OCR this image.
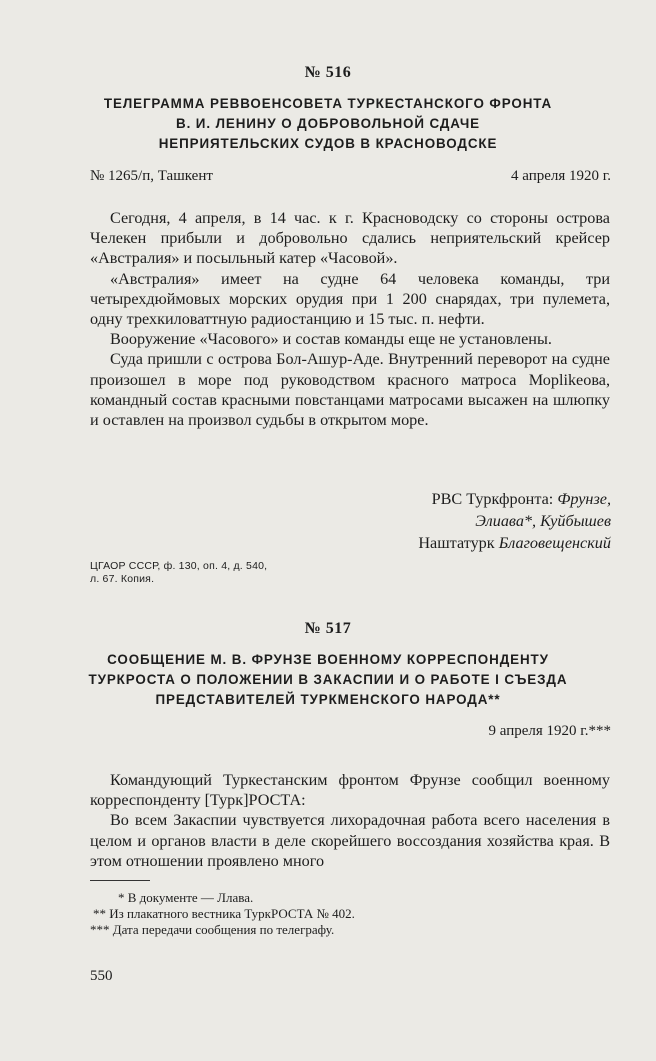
№ 516
ТЕЛЕГРАММА РЕВВОЕНСОВЕТА ТУРКЕСТАНСКОГО ФРОНТА
В. И. ЛЕНИНУ О ДОБРОВОЛЬНОЙ СДАЧЕ
НЕПРИЯТЕЛЬСКИХ СУДОВ В КРАСНОВОДСКЕ
№ 1265/п, Ташкент	4 апреля 1920 г.

Сегодня, 4 апреля, в 14 час. к г. Красноводску со стороны острова Челекен прибыли и добровольно сдались неприятельский крейсер «Австралия» и посыльный катер «Часовой».

«Австралия» имеет на судне 64 человека команды, три четырехдюймовых морских орудия при 1 200 снарядах, три пулемета, одну трехкиловаттную радиостанцию и 15 тыс. п. нефти.

Вооружение «Часового» и состав команды еще не установлены.

Суда пришли с острова Бол-Ашур-Аде. Внутренний переворот на судне произошел в море под руководством красного матроса Морlikeова, командный состав красными повстанцами матросами высажен на шлюпку и оставлен на произвол судьбы в открытом море.

РВС Туркфронта: Фрунзе,
Элиава*, Куйбышев
Наштатурк Благовещенский
ЦГАОР СССР, ф. 130, оп. 4, д. 540,
л. 67. Копия.
№ 517
СООБЩЕНИЕ М. В. ФРУНЗЕ ВОЕННОМУ КОРРЕСПОНДЕНТУ
ТУРКРОСТА О ПОЛОЖЕНИИ В ЗАКАСПИИ И О РАБОТЕ I СЪЕЗДА
ПРЕДСТАВИТЕЛЕЙ ТУРКМЕНСКОГО НАРОДА**
9 апреля 1920 г.***

Командующий Туркестанским фронтом Фрунзе сообщил военному корреспонденту [Турк]РОСТА:

Во всем Закаспии чувствуется лихорадочная работа всего населения в целом и органов власти в деле скорейшего воссоздания хозяйства края. В этом отношении проявлено много

* В документе — Ллава.
** Из плакатного вестника ТуркРОСТА № 402.
*** Дата передачи сообщения по телеграфу.
550
